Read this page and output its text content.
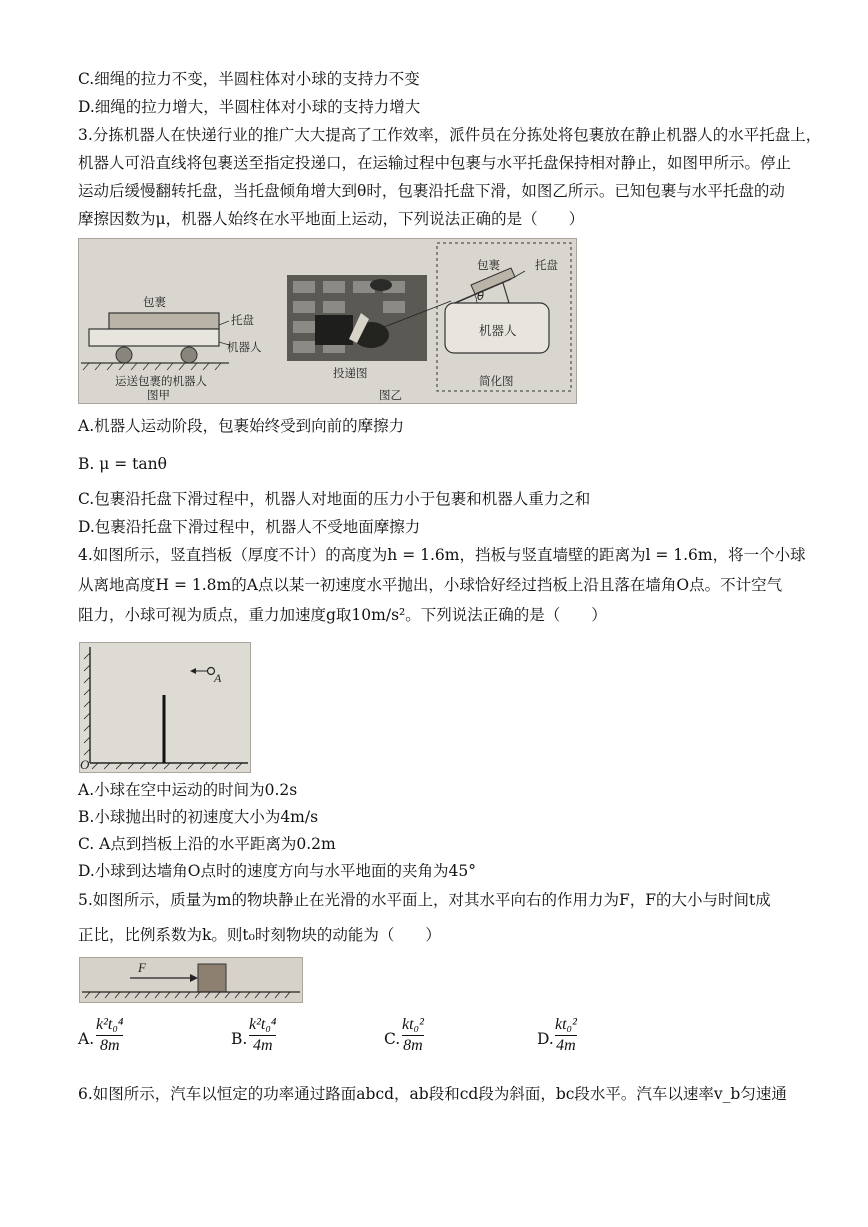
C.细绳的拉力不变，半圆柱体对小球的支持力不变
D.细绳的拉力增大，半圆柱体对小球的支持力增大
3.分拣机器人在快递行业的推广大大提高了工作效率，派件员在分拣处将包裹放在静止机器人的水平托盘上，
机器人可沿直线将包裹送至指定投递口，在运输过程中包裹与水平托盘保持相对静止，如图甲所示。停止
运动后缓慢翻转托盘，当托盘倾角增大到θ时，包裹沿托盘下滑，如图乙所示。已知包裹与水平托盘的动
摩擦因数为μ，机器人始终在水平地面上运动，下列说法正确的是（　　）
包裹
托盘
机器人
运送包裹的机器人
图甲
投递图
图乙
包裹	托盘
θ
机器人
简化图
A.机器人运动阶段，包裹始终受到向前的摩擦力
B. μ = tanθ
C.包裹沿托盘下滑过程中，机器人对地面的压力小于包裹和机器人重力之和
D.包裹沿托盘下滑过程中，机器人不受地面摩擦力
4.如图所示，竖直挡板（厚度不计）的高度为h = 1.6m，挡板与竖直墙壁的距离为l = 1.6m，将一个小球
从离地高度H = 1.8m的A点以某一初速度水平抛出，小球恰好经过挡板上沿且落在墙角O点。不计空气
阻力，小球可视为质点，重力加速度g取10m/s²。下列说法正确的是（　　）
A
O
A.小球在空中运动的时间为0.2s
B.小球抛出时的初速度大小为4m/s
C. A点到挡板上沿的水平距离为0.2m
D.小球到达墙角O点时的速度方向与水平地面的夹角为45°
5.如图所示，质量为m的物块静止在光滑的水平面上，对其水平向右的作用力为F，F的大小与时间t成
正比，比例系数为k。则t₀时刻物块的动能为（　　）
F
A.
k²t₀⁴
8m	B.
k²t₀⁴
4m	C.
kt₀²
8m	D.
kt₀²
4m
6.如图所示，汽车以恒定的功率通过路面abcd，ab段和cd段为斜面，bc段水平。汽车以速率v_b匀速通
